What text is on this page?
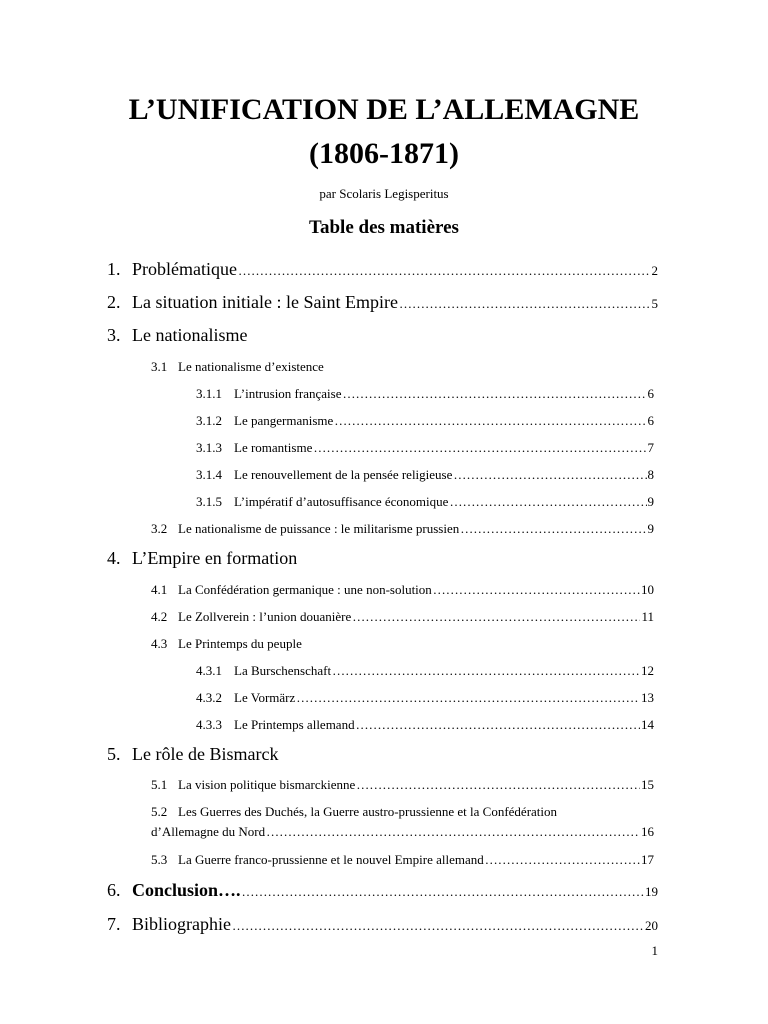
L’UNIFICATION DE L’ALLEMAGNE
(1806-1871)
par Scolaris Legisperitus
Table des matières
1. Problématique ………………………………………………………………………………………………………………………………………………………………………………………	2
2. La situation initiale : le Saint Empire ………………………………………………………………………………………………………………………………………………………………………………………	5
3. Le nationalisme
3.1 Le nationalisme d’existence
3.1.1 L’intrusion française ………………………………………………………………………………………………………………………………………………………………………………………	6
3.1.2 Le pangermanisme ………………………………………………………………………………………………………………………………………………………………………………………	6
3.1.3 Le romantisme ………………………………………………………………………………………………………………………………………………………………………………………	7
3.1.4 Le renouvellement de la pensée religieuse ………………………………………………………………………………………………………………………………………………………………………………………	8
3.1.5 L’impératif d’autosuffisance économique ………………………………………………………………………………………………………………………………………………………………………………………	9
3.2 Le nationalisme de puissance : le militarisme prussien ………………………………………………………………………………………………………………………………………………………………………………………	9
4. L’Empire en formation
4.1 La Confédération germanique : une non-solution ………………………………………………………………………………………………………………………………………………………………………………………	10
4.2 Le Zollverein : l’union douanière ………………………………………………………………………………………………………………………………………………………………………………………	11
4.3 Le Printemps du peuple
4.3.1 La Burschenschaft ………………………………………………………………………………………………………………………………………………………………………………………	12
4.3.2 Le Vormärz ………………………………………………………………………………………………………………………………………………………………………………………	13
4.3.3 Le Printemps allemand ………………………………………………………………………………………………………………………………………………………………………………………	14
5. Le rôle de Bismarck
5.1 La vision politique bismarckienne ………………………………………………………………………………………………………………………………………………………………………………………	15
5.2 Les Guerres des Duchés, la Guerre austro-prussienne et la Confédération
d’Allemagne du Nord ………………………………………………………………………………………………………………………………………………………………………………………	16
5.3 La Guerre franco-prussienne et le nouvel Empire allemand ………………………………………………………………………………………………………………………………………………………………………………………	17
6. Conclusion…. ………………………………………………………………………………………………………………………………………………………………………………………	19
7. Bibliographie ………………………………………………………………………………………………………………………………………………………………………………………	20
1
